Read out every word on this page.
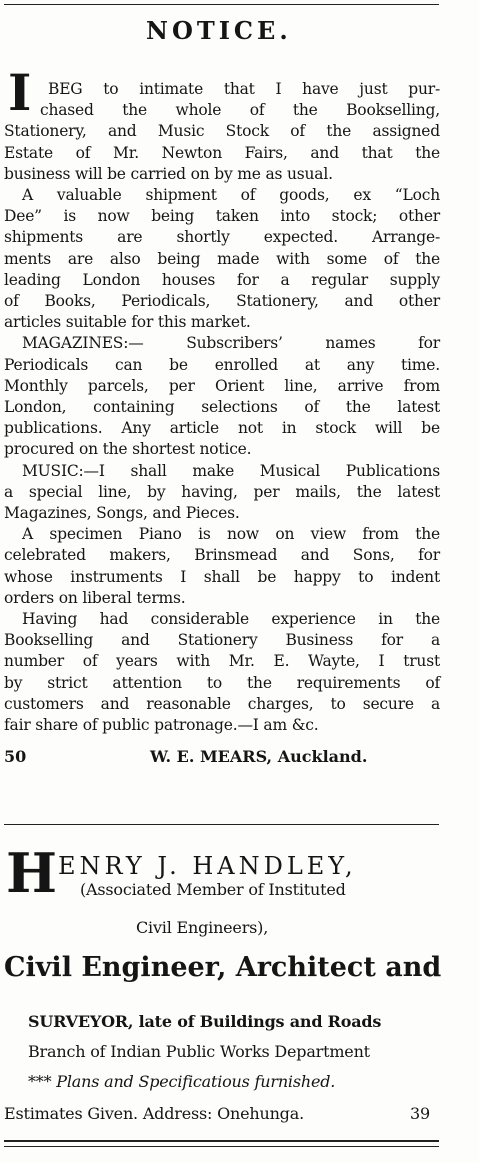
NOTICE.
I BEG to intimate that I have just pur-
chased the whole of the Bookselling,
Stationery, and Music Stock of the assigned
Estate of Mr. Newton Fairs, and that the
business will be carried on by me as usual.
A valuable shipment of goods, ex “Loch
Dee” is now being taken into stock; other
shipments are shortly expected. Arrange-
ments are also being made with some of the
leading London houses for a regular supply
of Books, Periodicals, Stationery, and other
articles suitable for this market.
MAGAZINES:— Subscribers’ names for
Periodicals can be enrolled at any time.
Monthly parcels, per Orient line, arrive from
London, containing selections of the latest
publications. Any article not in stock will be
procured on the shortest notice.
MUSIC:—I shall make Musical Publications
a special line, by having, per mails, the latest
Magazines, Songs, and Pieces.
A specimen Piano is now on view from the
celebrated makers, Brinsmead and Sons, for
whose instruments I shall be happy to indent
orders on liberal terms.
Having had considerable experience in the
Bookselling and Stationery Business for a
number of years with Mr. E. Wayte, I trust
by strict attention to the requirements of
customers and reasonable charges, to secure a
fair share of public patronage.—I am &c.
50	W. E. MEARS, Auckland.
H ENRY J. HANDLEY,
(Associated Member of Instituted
Civil Engineers),
Civil Engineer, Architect and
SURVEYOR, late of Buildings and Roads
Branch of Indian Public Works Department
*** Plans and Specificatious furnished.
Estimates Given. Address: Onehunga.	39
